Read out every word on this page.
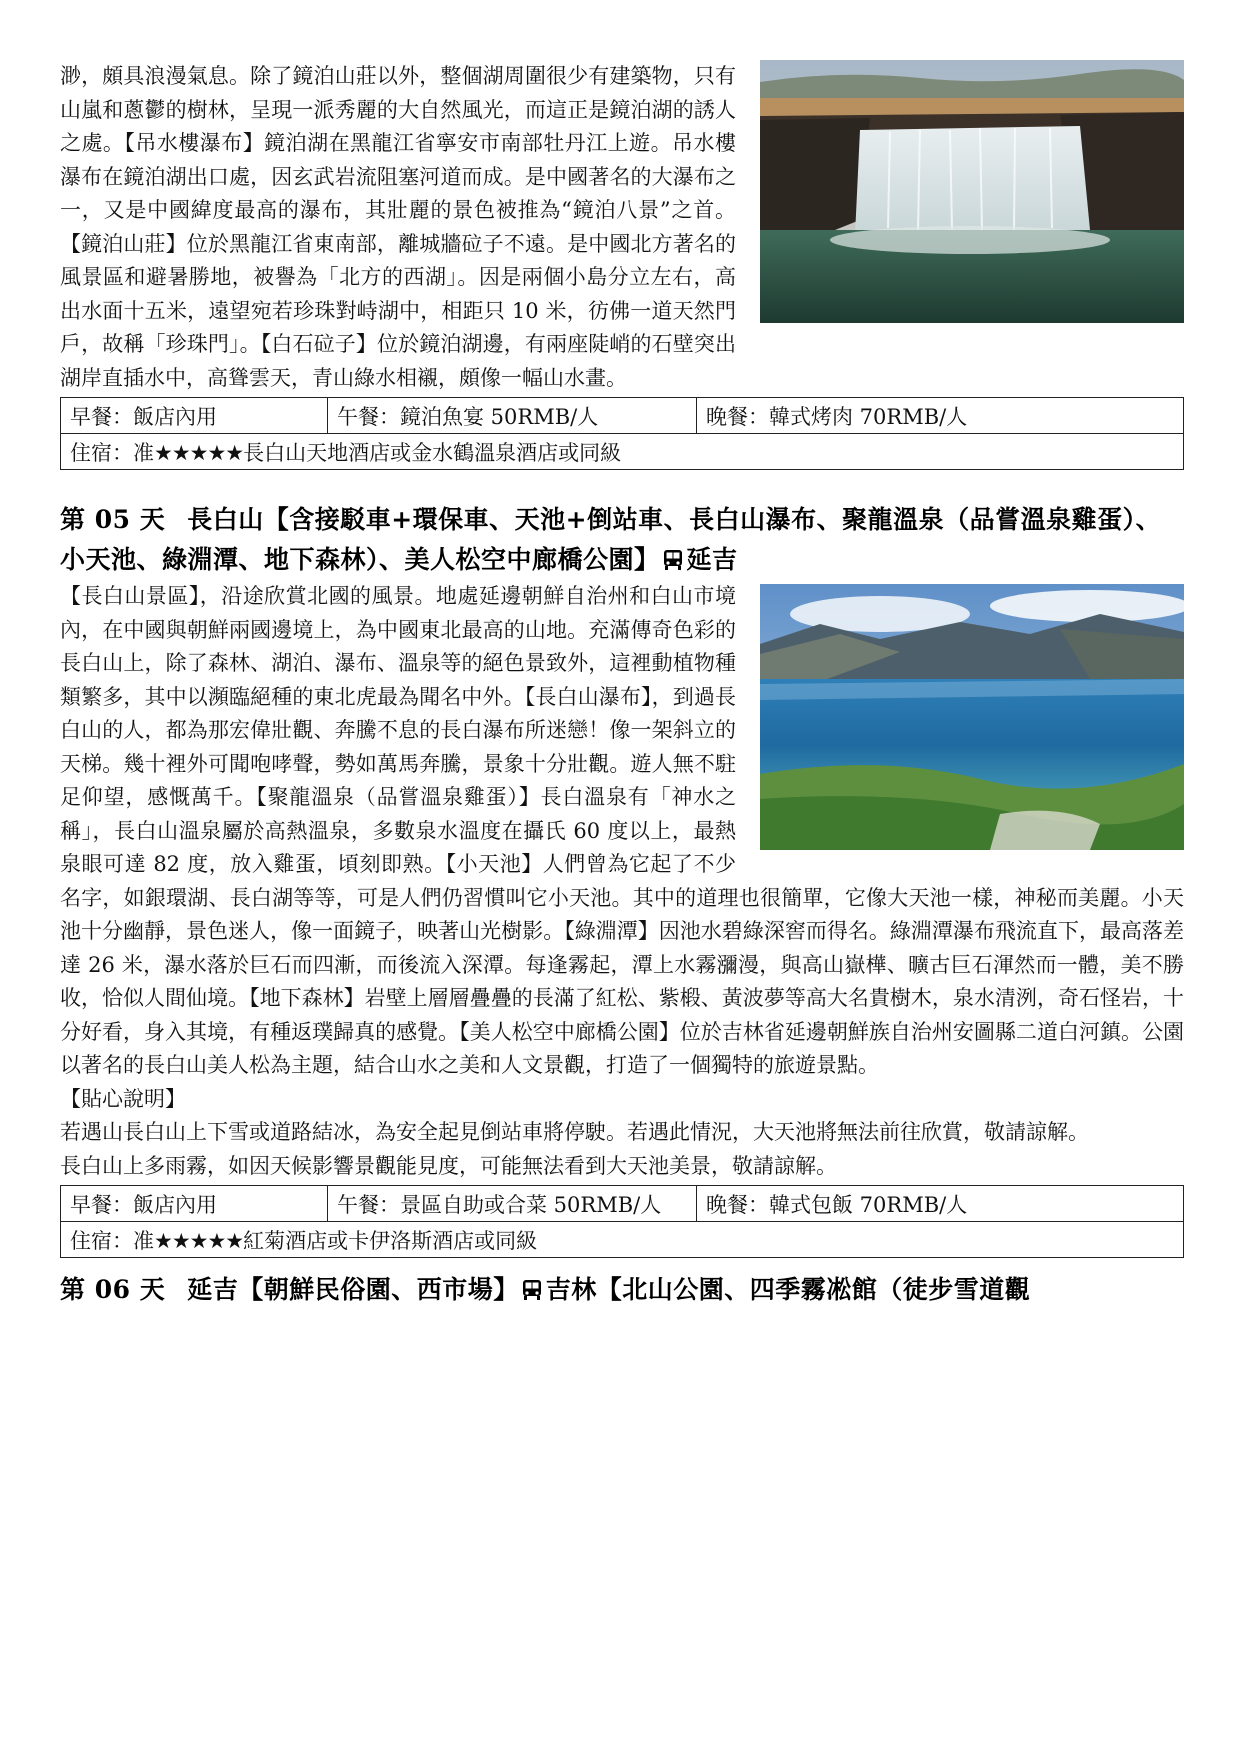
渺，頗具浪漫氣息。除了鏡泊山莊以外，整個湖周圍很少有建築物，只有山嵐和蔥鬱的樹林，呈現一派秀麗的大自然風光，而這正是鏡泊湖的誘人之處。【吊水樓瀑布】鏡泊湖在黑龍江省寧安市南部牡丹江上遊。吊水樓瀑布在鏡泊湖出口處，因玄武岩流阻塞河道而成。是中國著名的大瀑布之一，又是中國緯度最高的瀑布，其壯麗的景色被推為“鏡泊八景”之首。【鏡泊山莊】位於黑龍江省東南部，離城牆砬子不遠。是中國北方著名的風景區和避暑勝地，被譽為「北方的西湖」。因是兩個小島分立左右，高出水面十五米，遠望宛若珍珠對峙湖中，相距只 10 米，彷佛一道天然門戶，故稱「珍珠門」。【白石砬子】位於鏡泊湖邊，有兩座陡峭的石壁突出湖岸直插水中，高聳雲天，青山綠水相襯，頗像一幅山水畫。

早餐：飯店內用	午餐：鏡泊魚宴 50RMB/人	晚餐：韓式烤肉 70RMB/人
住宿：准★★★★★長白山天地酒店或金水鶴溫泉酒店或同級
第 05 天 長白山【含接駁車+環保車、天池+倒站車、長白山瀑布、聚龍溫泉（品嘗溫泉雞蛋）、小天池、綠淵潭、地下森林）、美人松空中廊橋公園】 延吉

【長白山景區】，沿途欣賞北國的風景。地處延邊朝鮮自治州和白山市境內，在中國與朝鮮兩國邊境上，為中國東北最高的山地。充滿傳奇色彩的長白山上，除了森林、湖泊、瀑布、溫泉等的絕色景致外，這裡動植物種類繁多，其中以瀕臨絕種的東北虎最為聞名中外。【長白山瀑布】，到過長白山的人，都為那宏偉壯觀、奔騰不息的長白瀑布所迷戀！像一架斜立的天梯。幾十裡外可聞咆哮聲，勢如萬馬奔騰，景象十分壯觀。遊人無不駐足仰望，感慨萬千。【聚龍溫泉（品嘗溫泉雞蛋）】長白溫泉有「神水之稱」，長白山溫泉屬於高熱溫泉，多數泉水溫度在攝氏 60 度以上，最熱泉眼可達 82 度，放入雞蛋，頃刻即熟。【小天池】人們曾為它起了不少名字，如銀環湖、長白湖等等，可是人們仍習慣叫它小天池。其中的道理也很簡單，它像大天池一樣，神秘而美麗。小天池十分幽靜，景色迷人，像一面鏡子，映著山光樹影。【綠淵潭】因池水碧綠深窖而得名。綠淵潭瀑布飛流直下，最高落差達 26 米，瀑水落於巨石而四漸，而後流入深潭。每逢霧起，潭上水霧瀰漫，與高山嶽樺、曠古巨石渾然而一體，美不勝收，恰似人間仙境。【地下森林】岩壁上層層疊疊的長滿了紅松、紫椴、黃波夢等高大名貴樹木，泉水清洌，奇石怪岩，十分好看，身入其境，有種返璞歸真的感覺。【美人松空中廊橋公園】位於吉林省延邊朝鮮族自治州安圖縣二道白河鎮。公園以著名的長白山美人松為主題，結合山水之美和人文景觀，打造了一個獨特的旅遊景點。

【貼心說明】

若遇山長白山上下雪或道路結冰，為安全起見倒站車將停駛。若遇此情況，大天池將無法前往欣賞，敬請諒解。

長白山上多雨霧，如因天候影響景觀能見度，可能無法看到大天池美景，敬請諒解。

早餐：飯店內用	午餐：景區自助或合菜 50RMB/人	晚餐：韓式包飯 70RMB/人
住宿：准★★★★★紅菊酒店或卡伊洛斯酒店或同級
第 06 天 延吉【朝鮮民俗園、西市場】 吉林【北山公園、四季霧凇館（徒步雪道觀
